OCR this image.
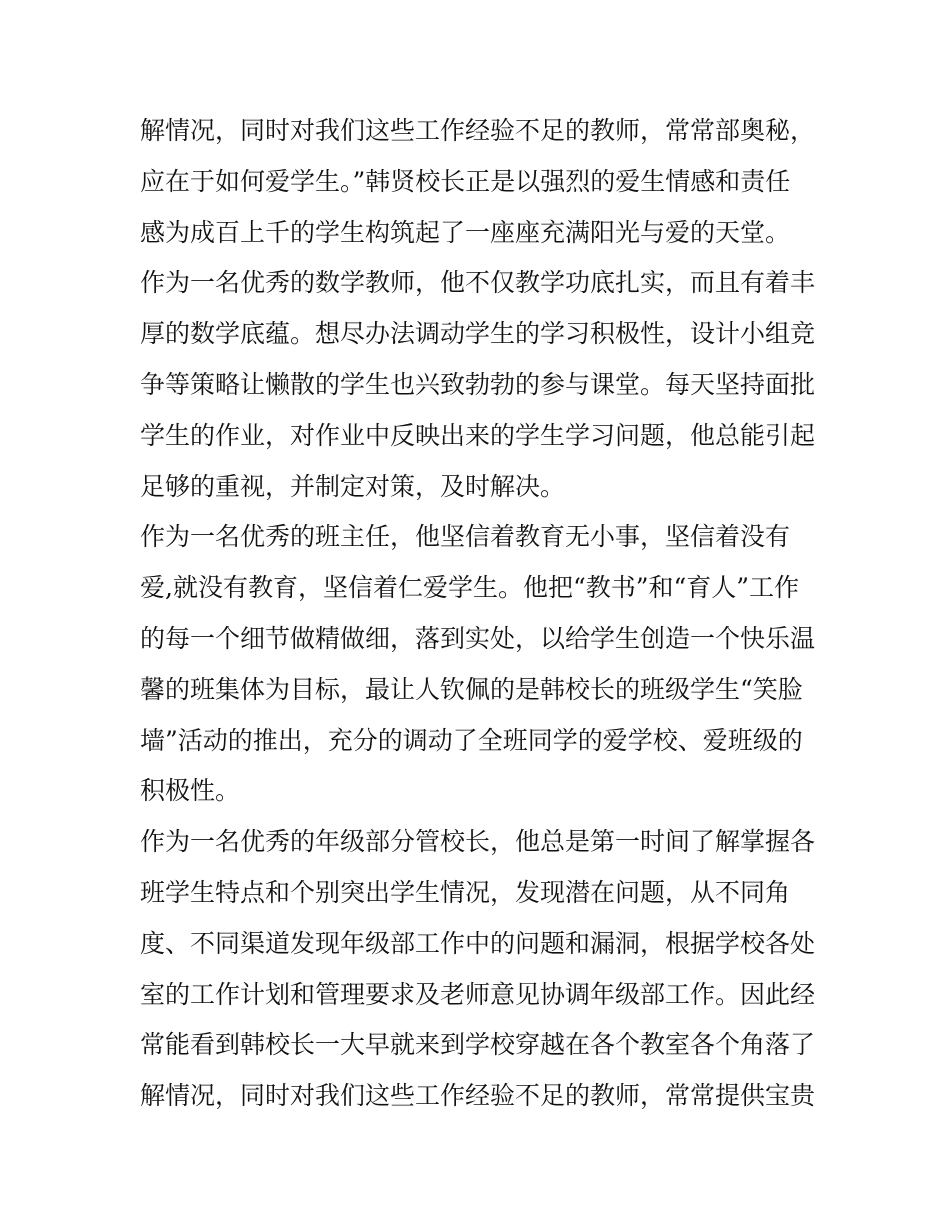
解情况，同时对我们这些工作经验不足的教师，常常部奥秘，
应在于如何爱学生。”韩贤校长正是以强烈的爱生情感和责任
感为成百上千的学生构筑起了一座座充满阳光与爱的天堂。
作为一名优秀的数学教师，他不仅教学功底扎实，而且有着丰
厚的数学底蕴。想尽办法调动学生的学习积极性，设计小组竞
争等策略让懒散的学生也兴致勃勃的参与课堂。每天坚持面批
学生的作业，对作业中反映出来的学生学习问题，他总能引起
足够的重视，并制定对策，及时解决。
作为一名优秀的班主任，他坚信着教育无小事，坚信着没有
爱,就没有教育，坚信着仁爱学生。他把“教书”和“育人”工作
的每一个细节做精做细，落到实处，以给学生创造一个快乐温
馨的班集体为目标，最让人钦佩的是韩校长的班级学生“笑脸
墙”活动的推出，充分的调动了全班同学的爱学校、爱班级的
积极性。
作为一名优秀的年级部分管校长，他总是第一时间了解掌握各
班学生特点和个别突出学生情况，发现潜在问题，从不同角
度、不同渠道发现年级部工作中的问题和漏洞，根据学校各处
室的工作计划和管理要求及老师意见协调年级部工作。因此经
常能看到韩校长一大早就来到学校穿越在各个教室各个角落了
解情况，同时对我们这些工作经验不足的教师，常常提供宝贵
